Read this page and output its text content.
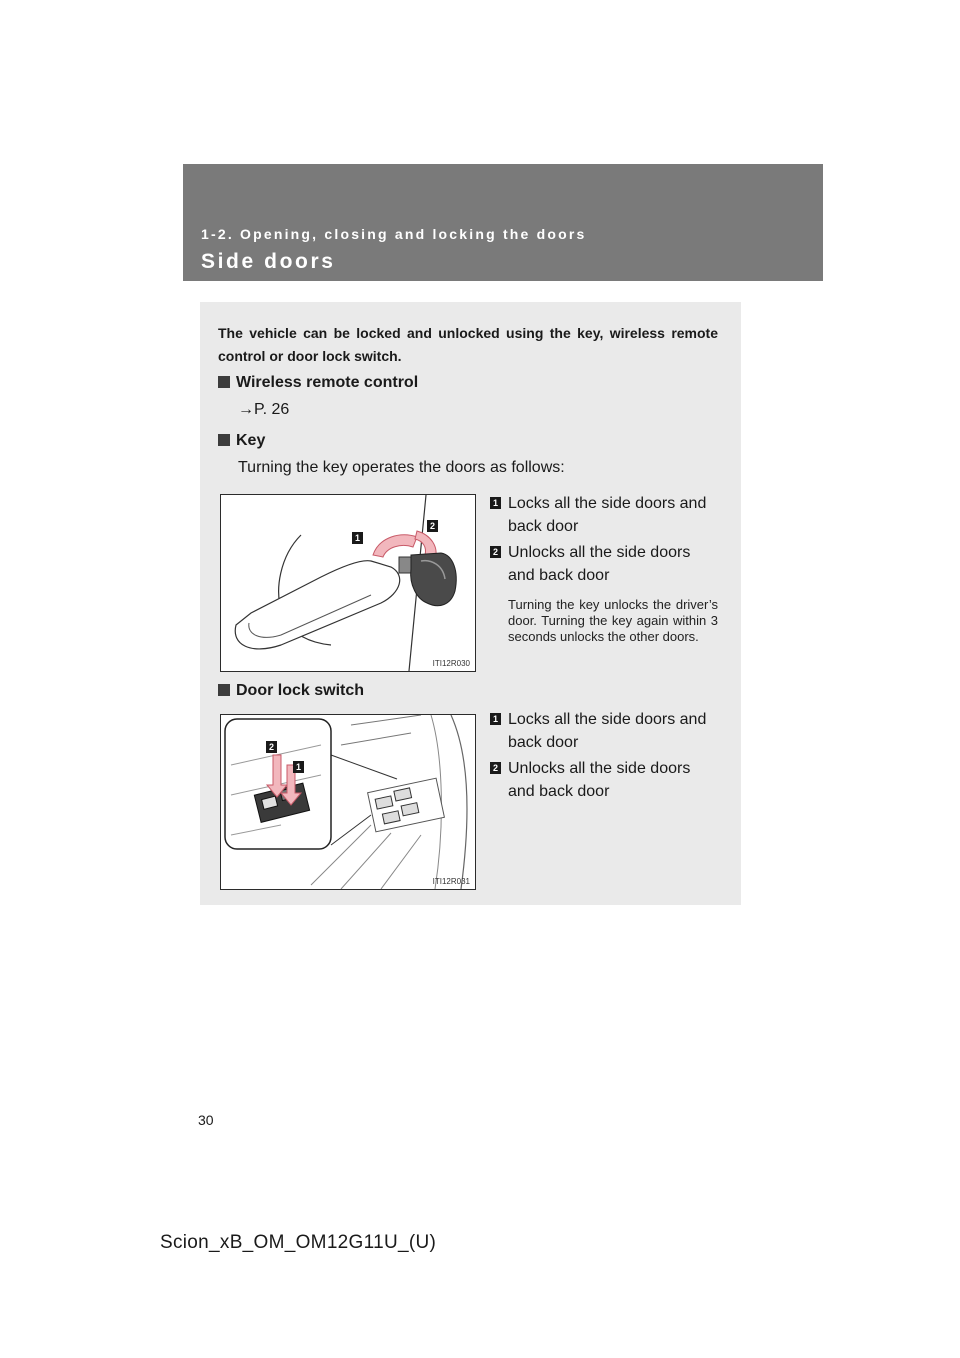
1-2. Opening, closing and locking the doors
Side doors
The vehicle can be locked and unlocked using the key, wireless remote control or door lock switch.
Wireless remote control
→P. 26
Key
Turning the key operates the doors as follows:
1
2
ITI12R030
1 Locks all the side doors and back door
2 Unlocks all the side doors and back door
Turning the key unlocks the driver’s door. Turning the key again within 3 seconds unlocks the other doors.
Door lock switch
2
1
ITI12R031
1 Locks all the side doors and back door
2 Unlocks all the side doors and back door
30
Scion_xB_OM_OM12G11U_(U)
